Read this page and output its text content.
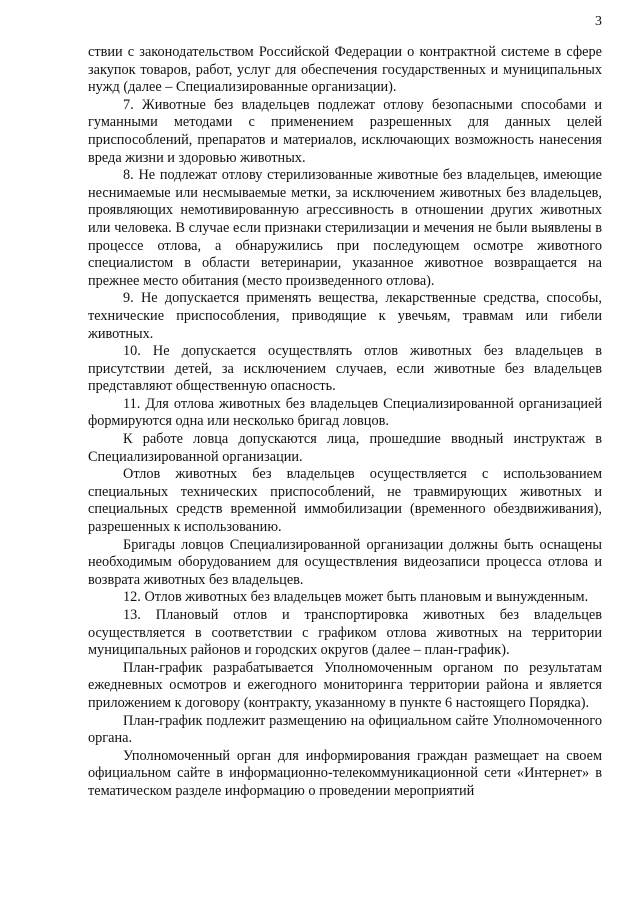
3

ствии с законодательством Российской Федерации о контрактной системе в сфере закупок товаров, работ, услуг для обеспечения государственных и муниципальных нужд (далее – Специализированные организации).

7. Животные без владельцев подлежат отлову безопасными способами и гуманными методами с применением разрешенных для данных целей приспособлений, препаратов и материалов, исключающих возможность нанесения вреда жизни и здоровью животных.

8. Не подлежат отлову стерилизованные животные без владельцев, имеющие неснимаемые или несмываемые метки, за исключением животных без владельцев, проявляющих немотивированную агрессивность в отношении других животных или человека. В случае если признаки стерилизации и мечения не были выявлены в процессе отлова, а обнаружились при последующем осмотре животного специалистом в области ветеринарии, указанное животное возвращается на прежнее место обитания (место произведенного отлова).

9. Не допускается применять вещества, лекарственные средства, способы, технические приспособления, приводящие к увечьям, травмам или гибели животных.

10. Не допускается осуществлять отлов животных без владельцев в присутствии детей, за исключением случаев, если животные без владельцев представляют общественную опасность.

11. Для отлова животных без владельцев Специализированной организацией формируются одна или несколько бригад ловцов.

К работе ловца допускаются лица, прошедшие вводный инструктаж в Специализированной организации.

Отлов животных без владельцев осуществляется с использованием специальных технических приспособлений, не травмирующих животных и специальных средств временной иммобилизации (временного обездвиживания), разрешенных к использованию.

Бригады ловцов Специализированной организации должны быть оснащены необходимым оборудованием для осуществления видеозаписи процесса отлова и возврата животных без владельцев.

12. Отлов животных без владельцев может быть плановым и вынужденным.

13. Плановый отлов и транспортировка животных без владельцев осуществляется в соответствии с графиком отлова животных на территории муниципальных районов и городских округов (далее – план-график).

План-график разрабатывается Уполномоченным органом по результатам ежедневных осмотров и ежегодного мониторинга территории района и является приложением к договору (контракту, указанному в пункте 6 настоящего Порядка).

План-график подлежит размещению на официальном сайте Уполномоченного органа.

Уполномоченный орган для информирования граждан размещает на своем официальном сайте в информационно-телекоммуникационной сети «Интернет» в тематическом разделе информацию о проведении мероприятий
